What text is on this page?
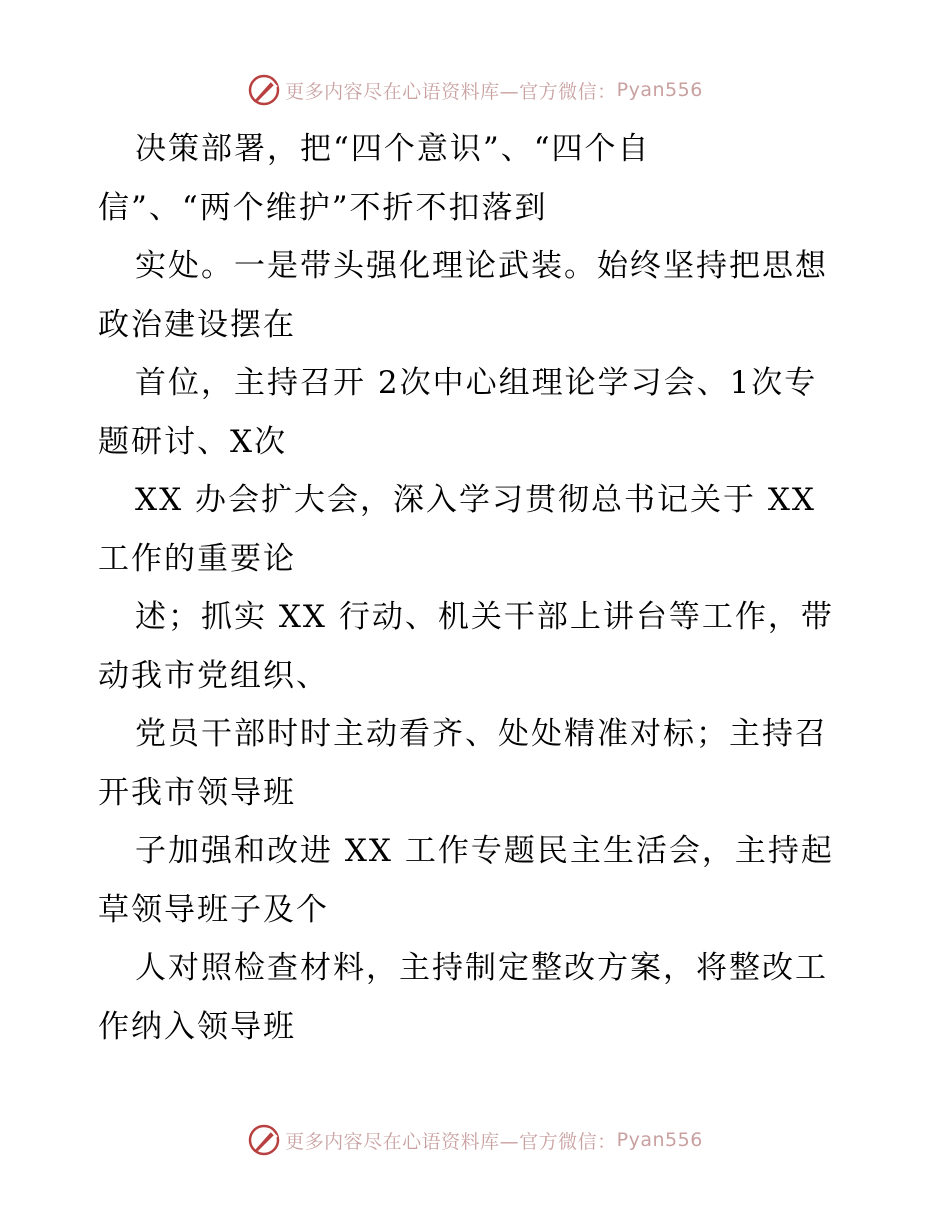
更多内容尽在心语资料库—官方微信： Pyan556
决策部署，把“四个意识”、“四个自
信”、“两个维护”不折不扣落到
实处。一是带头强化理论武装。始终坚持把思想
政治建设摆在
首位，主持召开 2次中心组理论学习会、1次专
题研讨、X次
XX 办会扩大会，深入学习贯彻总书记关于 XX
工作的重要论
述；抓实 XX 行动、机关干部上讲台等工作，带
动我市党组织、
党员干部时时主动看齐、处处精准对标；主持召
开我市领导班
子加强和改进 XX 工作专题民主生活会，主持起
草领导班子及个
人对照检查材料，主持制定整改方案，将整改工
作纳入领导班
更多内容尽在心语资料库—官方微信： Pyan556
